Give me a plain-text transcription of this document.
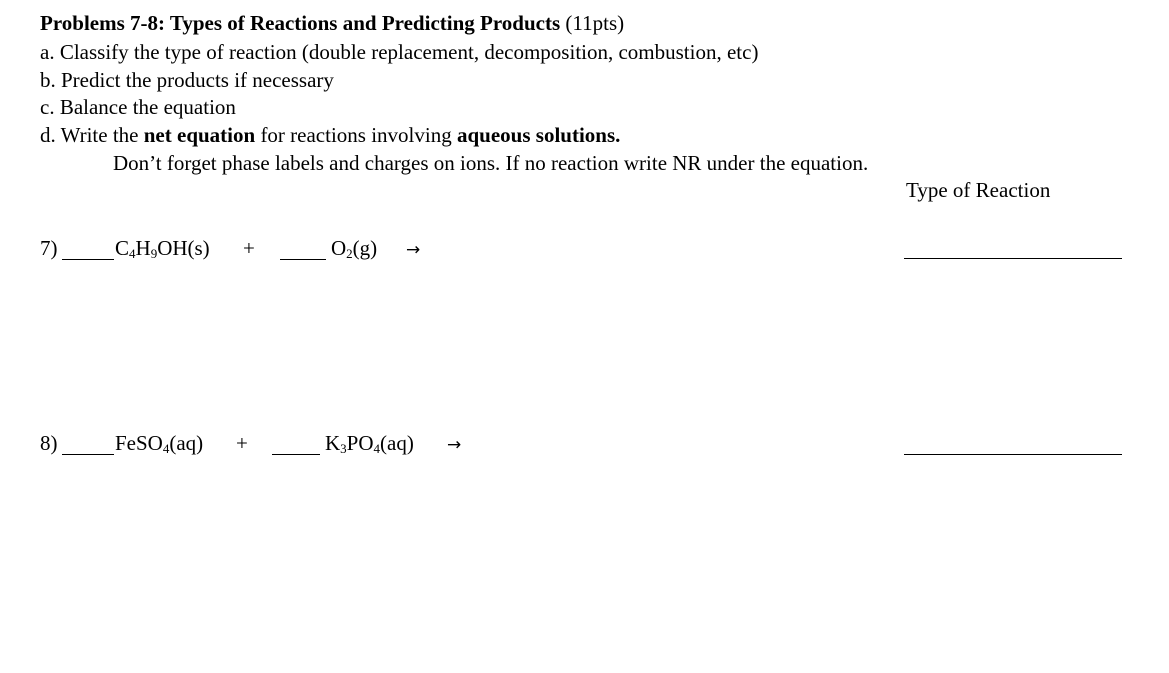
Problems 7-8: Types of Reactions and Predicting Products (11pts)
a. Classify the type of reaction (double replacement, decomposition, combustion, etc)
b. Predict the products if necessary
c. Balance the equation
d. Write the net equation for reactions involving aqueous solutions.
Don’t forget phase labels and charges on ions. If no reaction write NR under the equation.
Type of Reaction
7)	$C_4H_9OH(s)$ +	$O_2(g)$ →
8)	FeSO$_4$(aq) +	$K_3PO_4(aq)$ →
